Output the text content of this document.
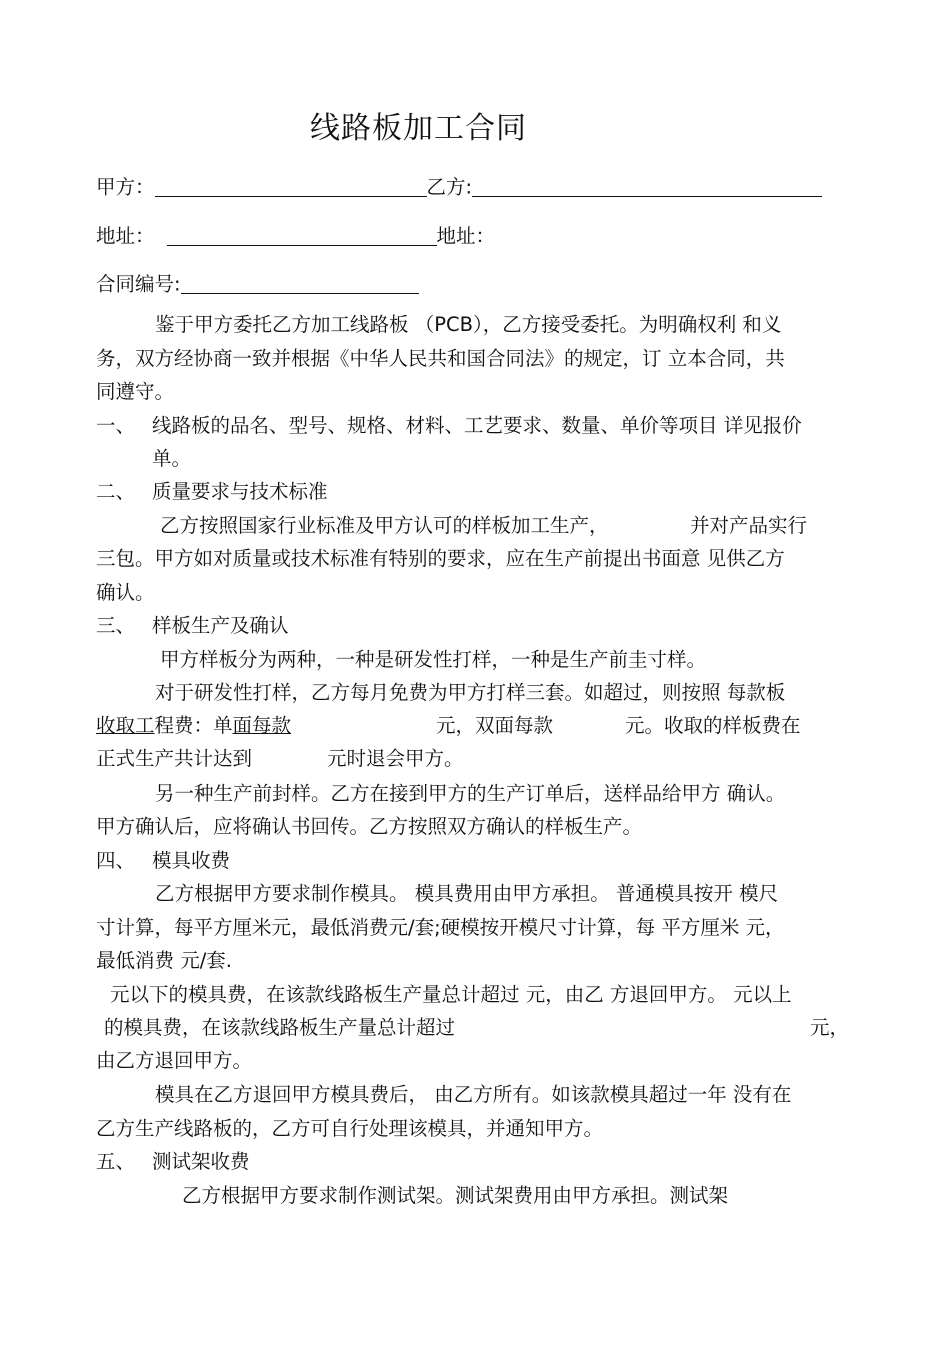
线路板加工合同
甲方：	乙方:
地址：	地址：
合同编号:
鉴于甲方委托乙方加工线路板 （PCB），乙方接受委托。为明确权利 和义
务，双方经协商一致并根据《中华人民共和国合同法》的规定，订 立本合同，共
同遵守。
一、 线路板的品名、型号、规格、材料、工艺要求、数量、单价等项目 详见报价
单。
二、 质量要求与技术标准
乙方按照国家行业标准及甲方认可的样板加工生产，	并对产品实行
三包。甲方如对质量或技术标准有特别的要求，应在生产前提出书面意 见供乙方
确认。
三、 样板生产及确认
甲方样板分为两种，一种是研发性打样，一种是生产前圭寸样。
对于研发性打样，乙方每月免费为甲方打样三套。如超过，则按照 每款板
收取工程费：单面每款	元，双面每款	元。收取的样板费在
正式生产共计达到	元时退会甲方。
另一种生产前封样。乙方在接到甲方的生产订单后，送样品给甲方 确认。
甲方确认后，应将确认书回传。乙方按照双方确认的样板生产。
四、 模具收费
乙方根据甲方要求制作模具。 模具费用由甲方承担。 普通模具按开 模尺
寸计算，每平方厘米元，最低消费元/套;硬模按开模尺寸计算，每 平方厘米 元，
最低消费 元/套.
元以下的模具费，在该款线路板生产量总计超过 元，由乙 方退回甲方。 元以上
的模具费，在该款线路板生产量总计超过	元，
由乙方退回甲方。
模具在乙方退回甲方模具费后， 由乙方所有。如该款模具超过一年 没有在
乙方生产线路板的，乙方可自行处理该模具，并通知甲方。
五、 测试架收费
乙方根据甲方要求制作测试架。测试架费用由甲方承担。测试架
